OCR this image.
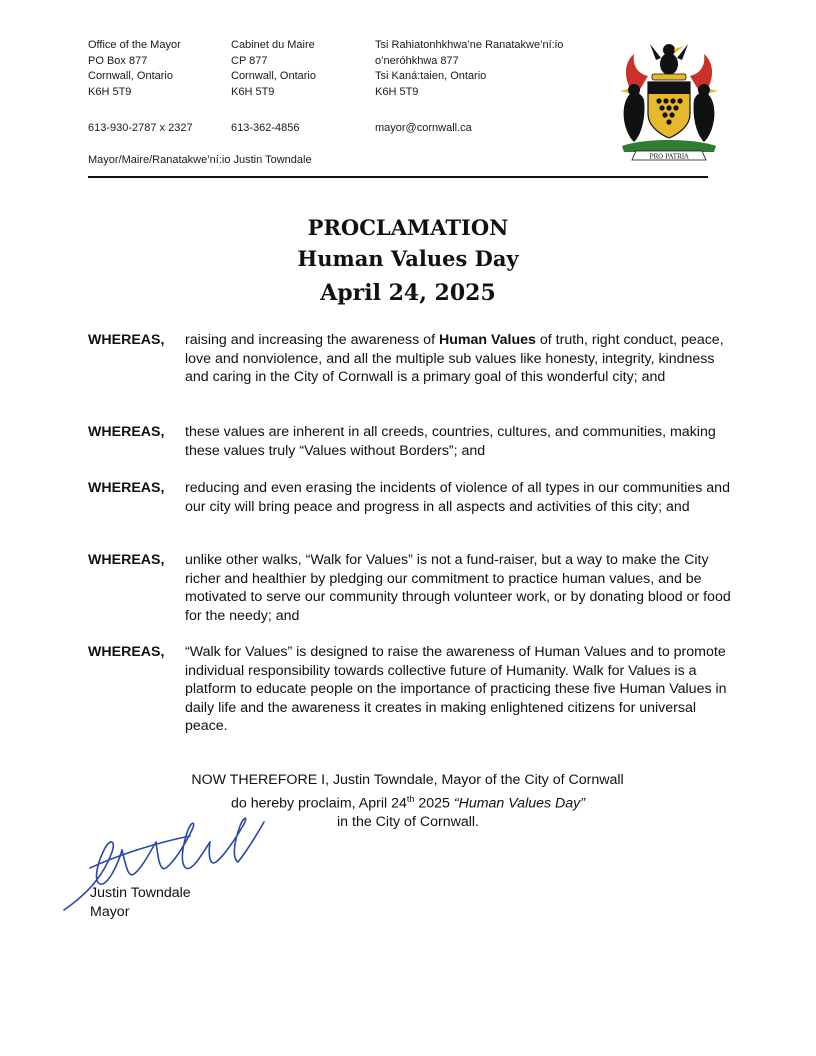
Office of the Mayor
PO Box 877
Cornwall, Ontario
K6H 5T9
613-930-2787 x 2327
Cabinet du Maire
CP 877
Cornwall, Ontario
K6H 5T9
613-362-4856
Tsi Rahiatonhkhwa’ne Ranatakwe’ní:io
o’neróhkhwa 877
Tsi Kaná:taien, Ontario
K6H 5T9
mayor@cornwall.ca
Mayor/Maire/Ranatakwe’ní:io Justin Towndale	PRO PATRIA
PROCLAMATION
Human Values Day
April 24, 2025
WHEREAS, raising and increasing the awareness of Human Values of truth, right conduct, peace, love and nonviolence, and all the multiple sub values like honesty, integrity, kindness and caring in the City of Cornwall is a primary goal of this wonderful city; and
WHEREAS, these values are inherent in all creeds, countries, cultures, and communities, making these values truly “Values without Borders”; and
WHEREAS, reducing and even erasing the incidents of violence of all types in our communities and our city will bring peace and progress in all aspects and activities of this city; and
WHEREAS, unlike other walks, “Walk for Values” is not a fund-raiser, but a way to make the City richer and healthier by pledging our commitment to practice human values, and be motivated to serve our community through volunteer work, or by donating blood or food for the needy; and
WHEREAS, “Walk for Values” is designed to raise the awareness of Human Values and to promote individual responsibility towards collective future of Humanity. Walk for Values is a platform to educate people on the importance of practicing these five Human Values in daily life and the awareness it creates in making enlightened citizens for universal peace.
NOW THEREFORE I, Justin Towndale, Mayor of the City of Cornwall
do hereby proclaim, April 24th 2025 “Human Values Day”
in the City of Cornwall.
Justin Towndale
Mayor
